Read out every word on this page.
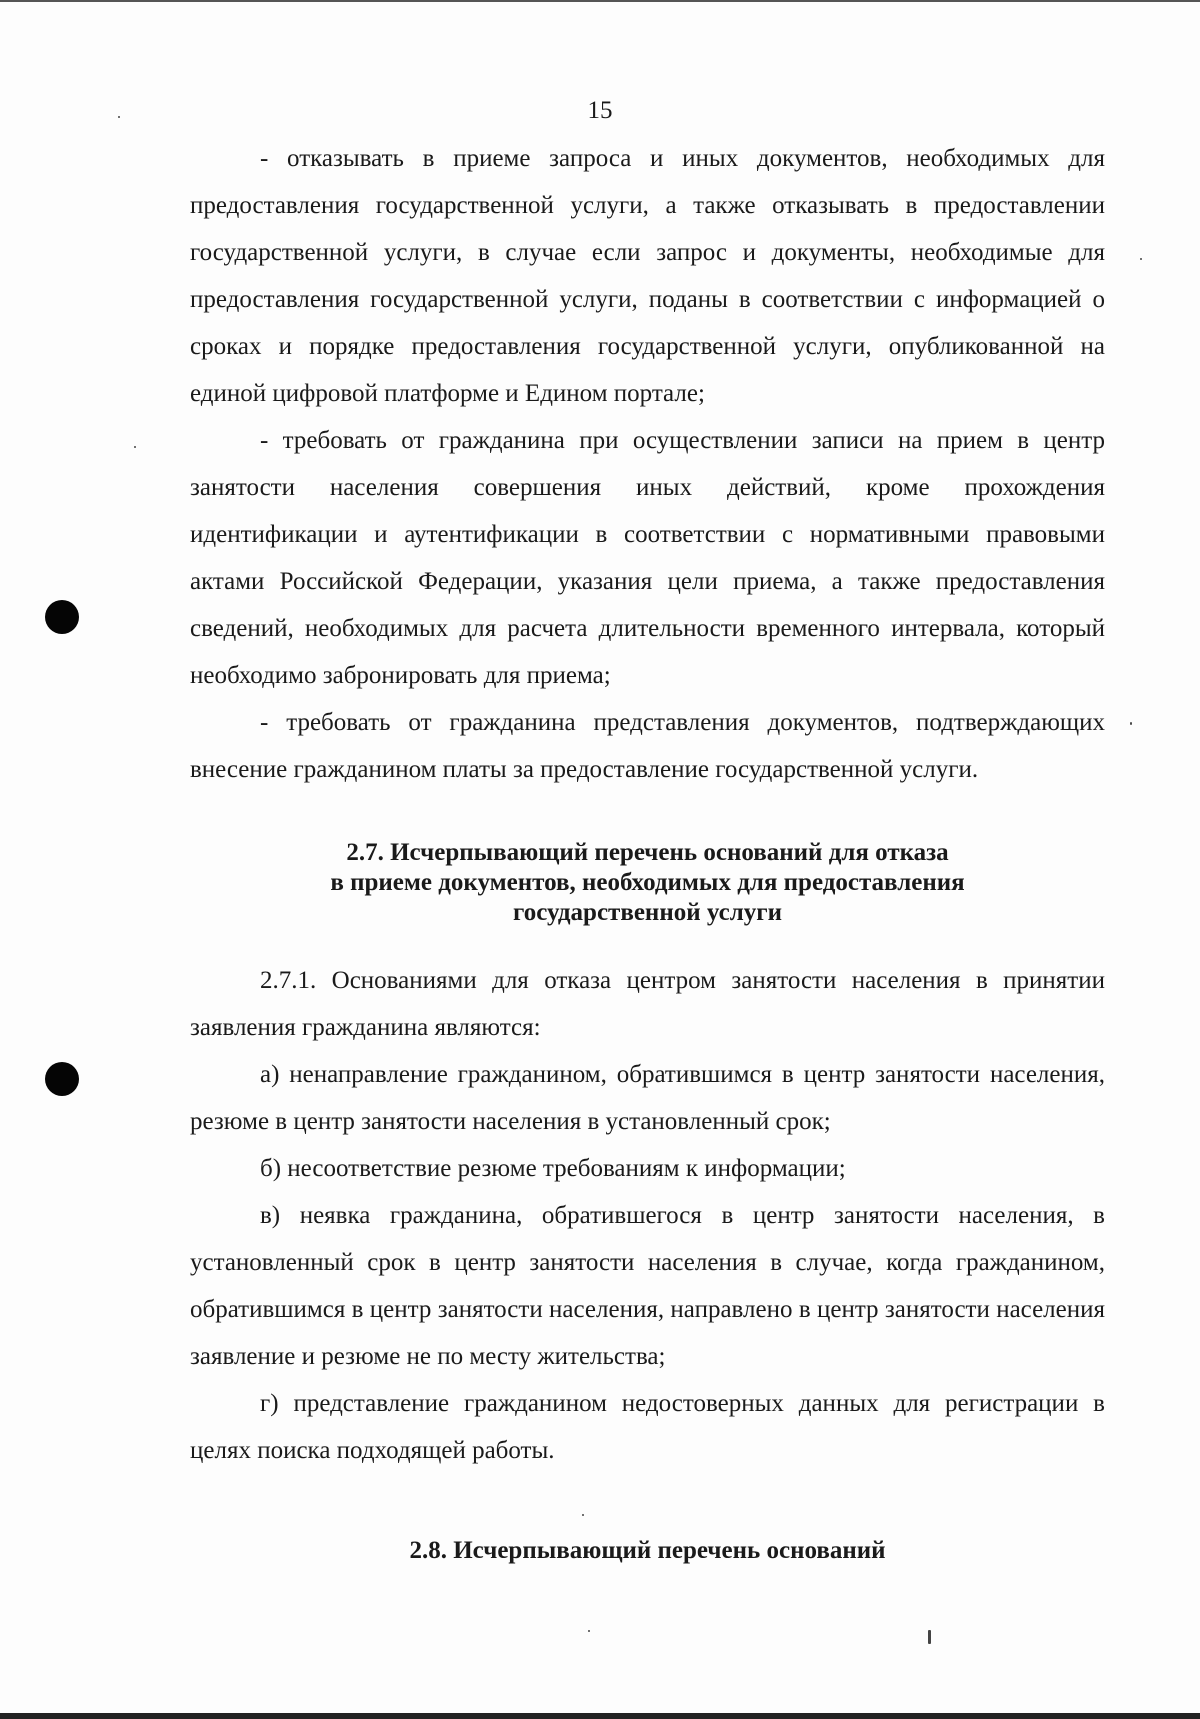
15

- отказывать в приеме запроса и иных документов, необходимых для предоставления государственной услуги, а также отказывать в предоставлении государственной услуги, в случае если запрос и документы, необходимые для предоставления государственной услуги, поданы в соответствии с информацией о сроках и порядке предоставления государственной услуги, опубликованной на единой цифровой платформе и Едином портале;

- требовать от гражданина при осуществлении записи на прием в центр занятости населения совершения иных действий, кроме прохождения идентификации и аутентификации в соответствии с нормативными правовыми актами Российской Федерации, указания цели приема, а также предоставления сведений, необходимых для расчета длительности временного интервала, который необходимо забронировать для приема;

- требовать от гражданина представления документов, подтверждающих внесение гражданином платы за предоставление государственной услуги.

2.7. Исчерпывающий перечень оснований для отказа
в приеме документов, необходимых для предоставления
государственной услуги

2.7.1. Основаниями для отказа центром занятости населения в принятии заявления гражданина являются:

а) ненаправление гражданином, обратившимся в центр занятости населения, резюме в центр занятости населения в установленный срок;

б) несоответствие резюме требованиям к информации;

в) неявка гражданина, обратившегося в центр занятости населения, в установленный срок в центр занятости населения в случае, когда гражданином, обратившимся в центр занятости населения, направлено в центр занятости населения заявление и резюме не по месту жительства;

г) представление гражданином недостоверных данных для регистрации в целях поиска подходящей работы.

2.8. Исчерпывающий перечень оснований
